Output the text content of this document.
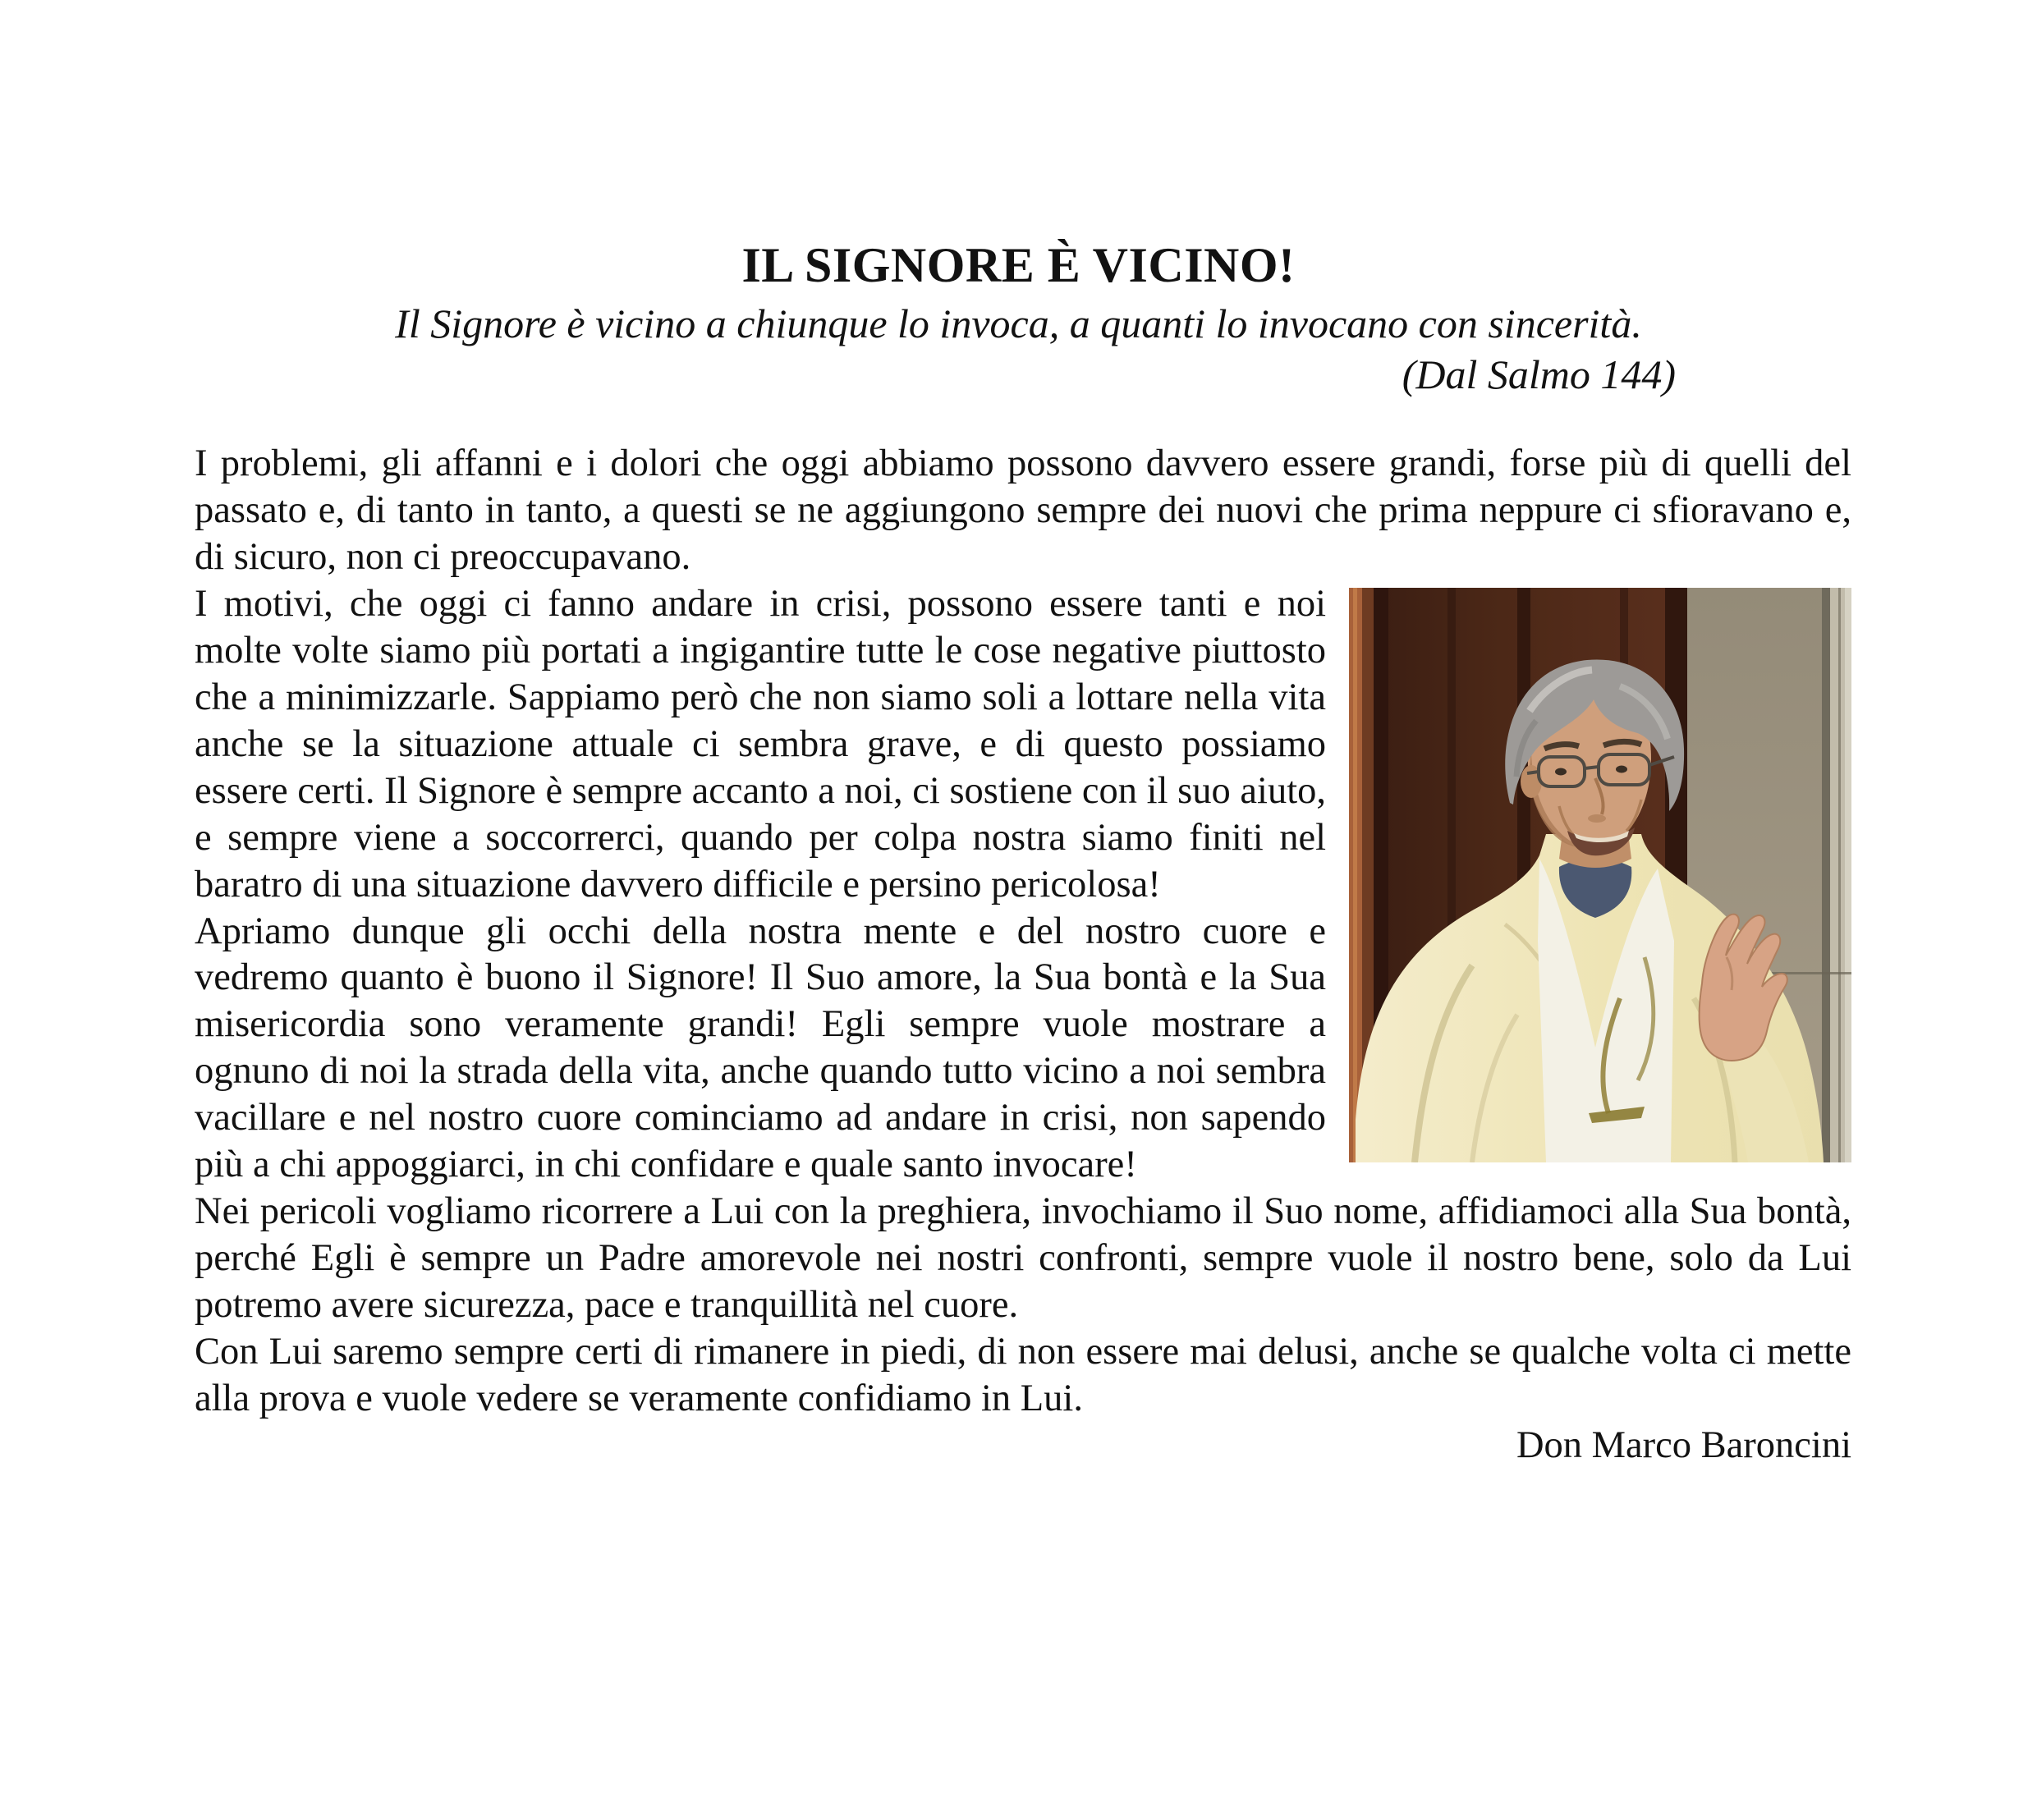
IL SIGNORE È VICINO!
Il Signore è vicino a chiunque lo invoca, a quanti lo invocano con sincerità.
(Dal Salmo 144)

I problemi, gli affanni e i dolori che oggi abbiamo possono davvero essere grandi, forse più di quelli del passato e, di tanto in tanto, a questi se ne aggiungono sempre dei nuovi che prima neppure ci sfioravano e, di sicuro, non ci preoccupavano.

I motivi, che oggi ci fanno andare in crisi, possono essere tanti e noi molte volte siamo più portati a ingigantire tutte le cose negative piuttosto che a minimizzarle. Sappiamo però che non siamo soli a lottare nella vita anche se la situazione attuale ci sembra grave, e di questo possiamo essere certi. Il Signore è sempre accanto a noi, ci sostiene con il suo aiuto, e sempre viene a soccorrerci, quando per colpa nostra siamo finiti nel baratro di una situazione davvero difficile e persino pericolosa!

Apriamo dunque gli occhi della nostra mente e del nostro cuore e vedremo quanto è buono il Signore! Il Suo amore, la Sua bontà e la Sua misericordia sono veramente grandi! Egli sempre vuole mostrare a ognuno di noi la strada della vita, anche quando tutto vicino a noi sembra vacillare e nel nostro cuore cominciamo ad andare in crisi, non sapendo più a chi appoggiarci, in chi confidare e quale santo invocare!

Nei pericoli vogliamo ricorrere a Lui con la preghiera, invochiamo il Suo nome, affidiamoci alla Sua bontà, perché Egli è sempre un Padre amorevole nei nostri confronti, sempre vuole il nostro bene, solo da Lui potremo avere sicurezza, pace e tranquillità nel cuore.

Con Lui saremo sempre certi di rimanere in piedi, di non essere mai delusi, anche se qualche volta ci mette alla prova e vuole vedere se veramente confidiamo in Lui.

Don Marco Baroncini
